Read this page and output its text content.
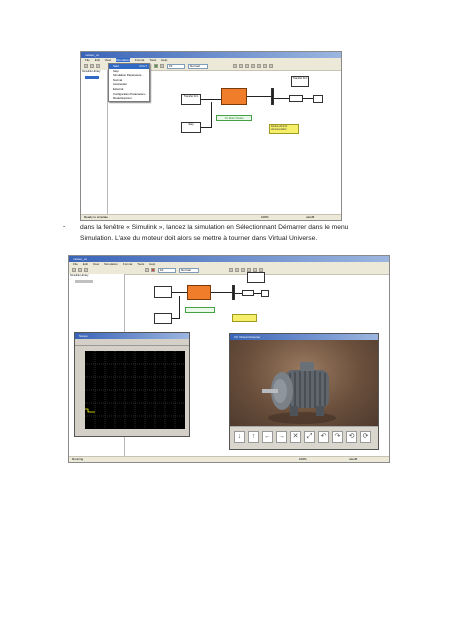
moteur_vu
File Edit View Simulation Format Tools Help
10	Normal
Simulink Library
Start	Ctrl+T
Stop
Simulation Parameters...
Normal
Accelerator
External
Configuration Parameters...
Model Explorer
Transfer Fcn
Transfer Fcn
VU Motor Model
Step
Double-click for documentation
Ready to simulate	100%	ode45
- dans la fenêtre « Simulink », lancez la simulation en Sélectionnant Démarrer dans le menu
Simulation. L'axe du moteur doit alors se mettre à tourner dans Virtual Universe.
moteur_vu
File Edit View Simulation Format Tools Help
10	Normal
Simulink Library
Scope	VU Virtual Universe
↓	↑	← →	✕	⤢	↶	↷	⟲	⟳
Running	100%	ode45
